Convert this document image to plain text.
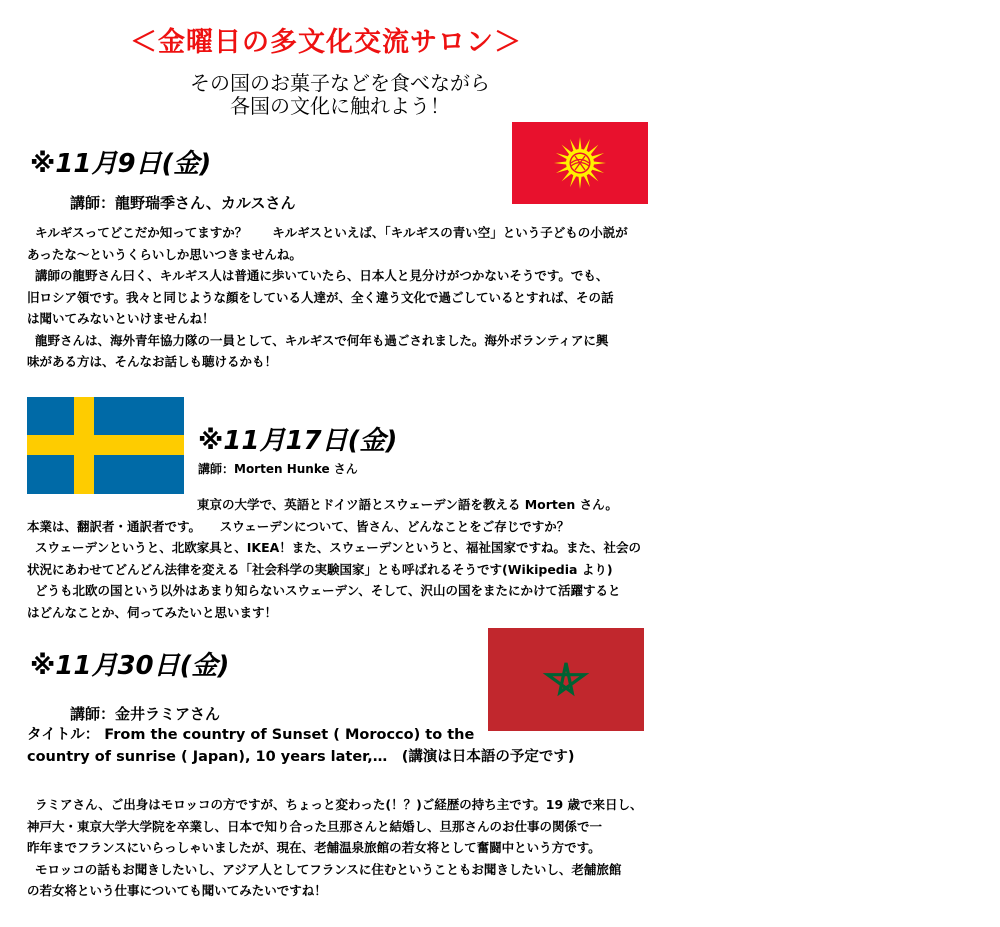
＜金曜日の多文化交流サロン＞
その国のお菓子などを食べながら
各国の文化に触れよう！
※11月9日(金)
講師：龍野瑞季さん、カルスさん
キルギスってどこだか知ってますか？　　キルギスといえば、「キルギスの青い空」という子どもの小説が
あったな～というくらいしか思いつきませんね。
講師の龍野さん曰く、キルギス人は普通に歩いていたら、日本人と見分けがつかないそうです。でも、
旧ロシア領です。我々と同じような顔をしている人達が、全く違う文化で過ごしているとすれば、その話
は聞いてみないといけませんね！
龍野さんは、海外青年協力隊の一員として、キルギスで何年も過ごされました。海外ボランティアに興
味がある方は、そんなお話しも聴けるかも！
※11月17日(金)
講師：Morten Hunke さん
東京の大学で、英語とドイツ語とスウェーデン語を教える Morten さん。
本業は、翻訳者・通訳者です。　　スウェーデンについて、皆さん、どんなことをご存じですか？
スウェーデンというと、北欧家具と、IKEA！また、スウェーデンというと、福祉国家ですね。また、社会の
状況にあわせてどんどん法律を変える「社会科学の実験国家」とも呼ばれるそうです(Wikipedia より)
どうも北欧の国という以外はあまり知らないスウェーデン、そして、沢山の国をまたにかけて活躍すると
はどんなことか、伺ってみたいと思います！
※11月30日(金)
講師：金井ラミアさん
タイトル： From the country of Sunset ( Morocco) to the
country of sunrise ( Japan), 10 years later,…　(講演は日本語の予定です)
ラミアさん、ご出身はモロッコの方ですが、ちょっと変わった(！？)ご経歴の持ち主です。19 歳で来日し、
神戸大・東京大学大学院を卒業し、日本で知り合った旦那さんと結婚し、旦那さんのお仕事の関係で一
昨年までフランスにいらっしゃいましたが、現在、老舗温泉旅館の若女将として奮闘中という方です。
モロッコの話もお聞きしたいし、アジア人としてフランスに住むということもお聞きしたいし、老舗旅館
の若女将という仕事についても聞いてみたいですね！
